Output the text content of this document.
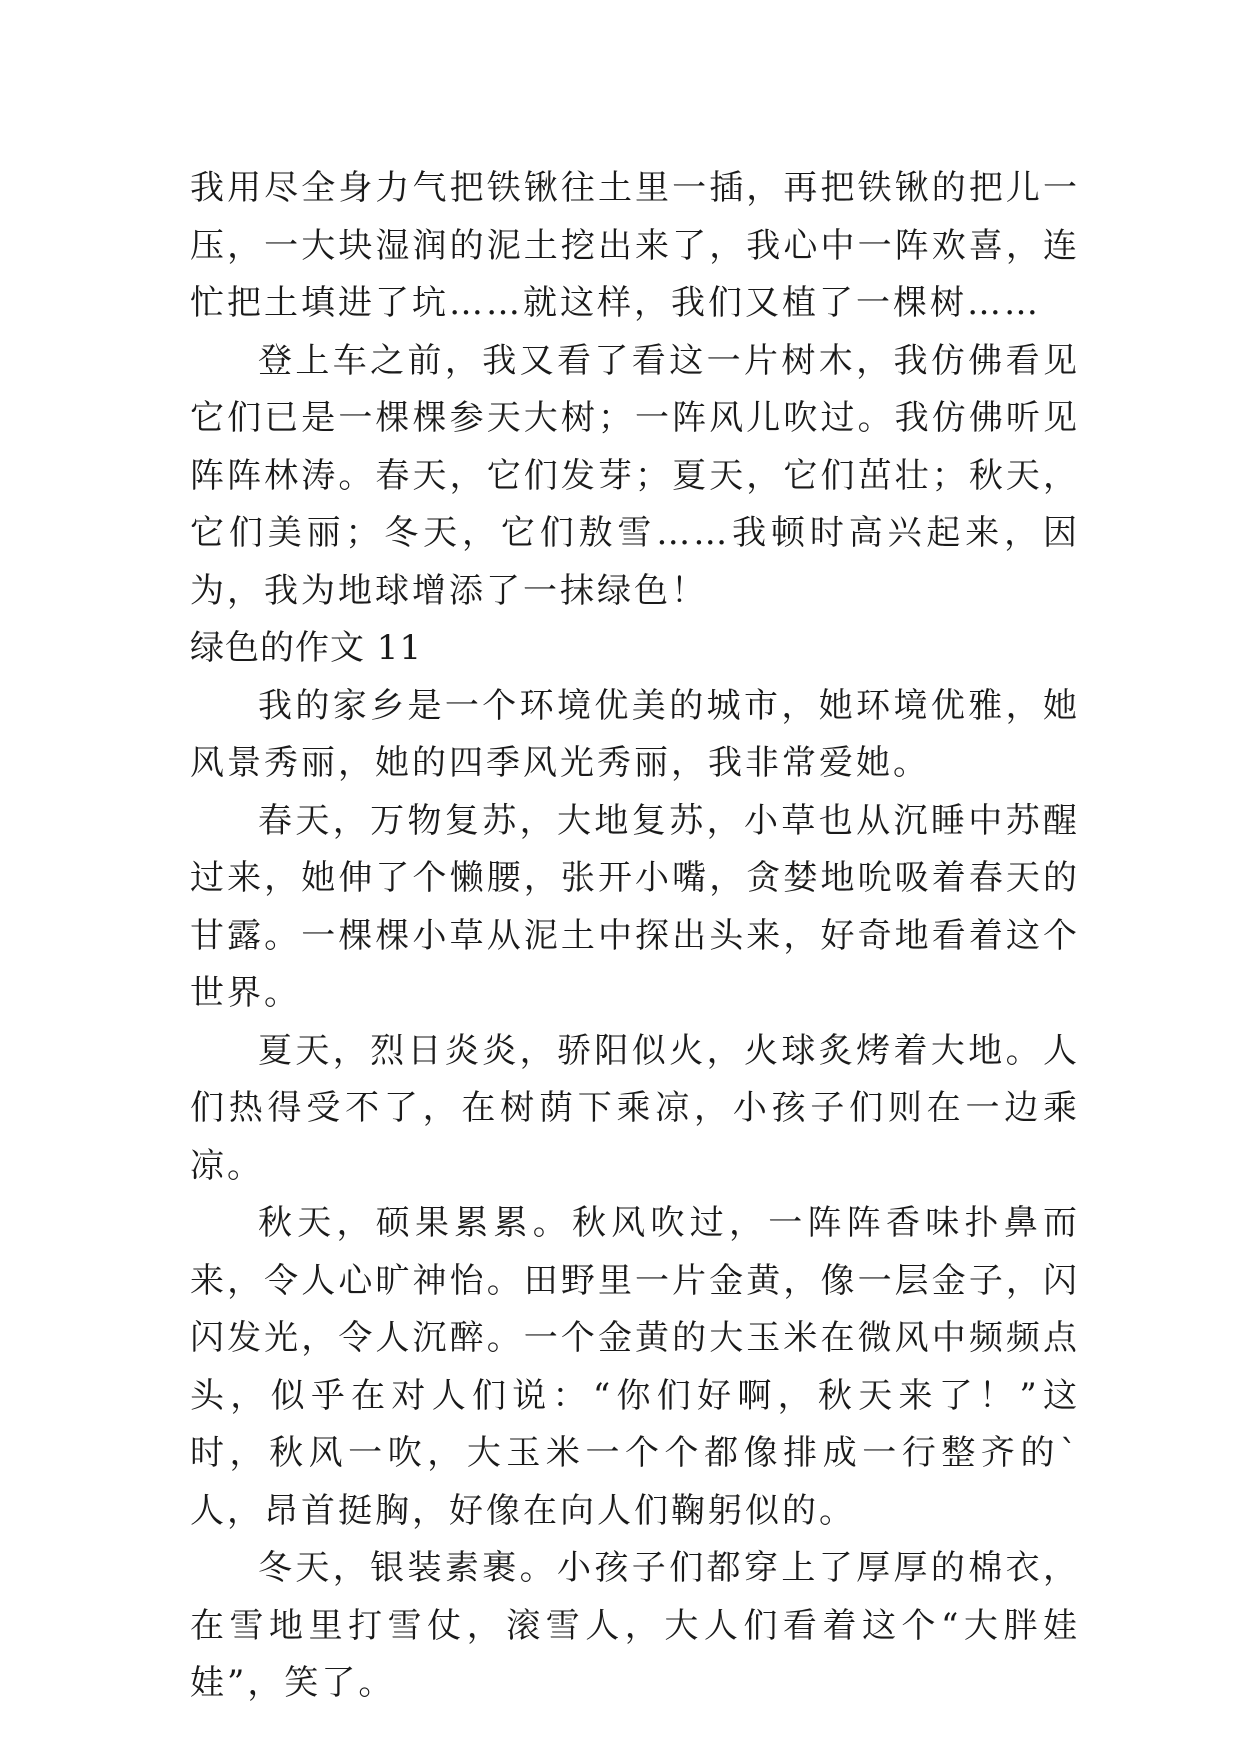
我用尽全身力气把铁锹往土里一插，再把铁锹的把儿一压，一大块湿润的泥土挖出来了，我心中一阵欢喜，连忙把土填进了坑……就这样，我们又植了一棵树……

登上车之前，我又看了看这一片树木，我仿佛看见它们已是一棵棵参天大树；一阵风儿吹过。我仿佛听见阵阵林涛。春天，它们发芽；夏天，它们茁壮；秋天，它们美丽；冬天，它们敖雪……我顿时高兴起来，因为，我为地球增添了一抹绿色！

绿色的作文 11

我的家乡是一个环境优美的城市，她环境优雅，她风景秀丽，她的四季风光秀丽，我非常爱她。

春天，万物复苏，大地复苏，小草也从沉睡中苏醒过来，她伸了个懒腰，张开小嘴，贪婪地吮吸着春天的甘露。一棵棵小草从泥土中探出头来，好奇地看着这个世界。

夏天，烈日炎炎，骄阳似火，火球炙烤着大地。人们热得受不了，在树荫下乘凉，小孩子们则在一边乘凉。

秋天，硕果累累。秋风吹过，一阵阵香味扑鼻而来，令人心旷神怡。田野里一片金黄，像一层金子，闪闪发光，令人沉醉。一个金黄的大玉米在微风中频频点头，似乎在对人们说：“你们好啊，秋天来了！”这时，秋风一吹，大玉米一个个都像排成一行整齐的`人，昂首挺胸，好像在向人们鞠躬似的。

冬天，银装素裹。小孩子们都穿上了厚厚的棉衣，在雪地里打雪仗，滚雪人，大人们看着这个“大胖娃娃”，笑了。
